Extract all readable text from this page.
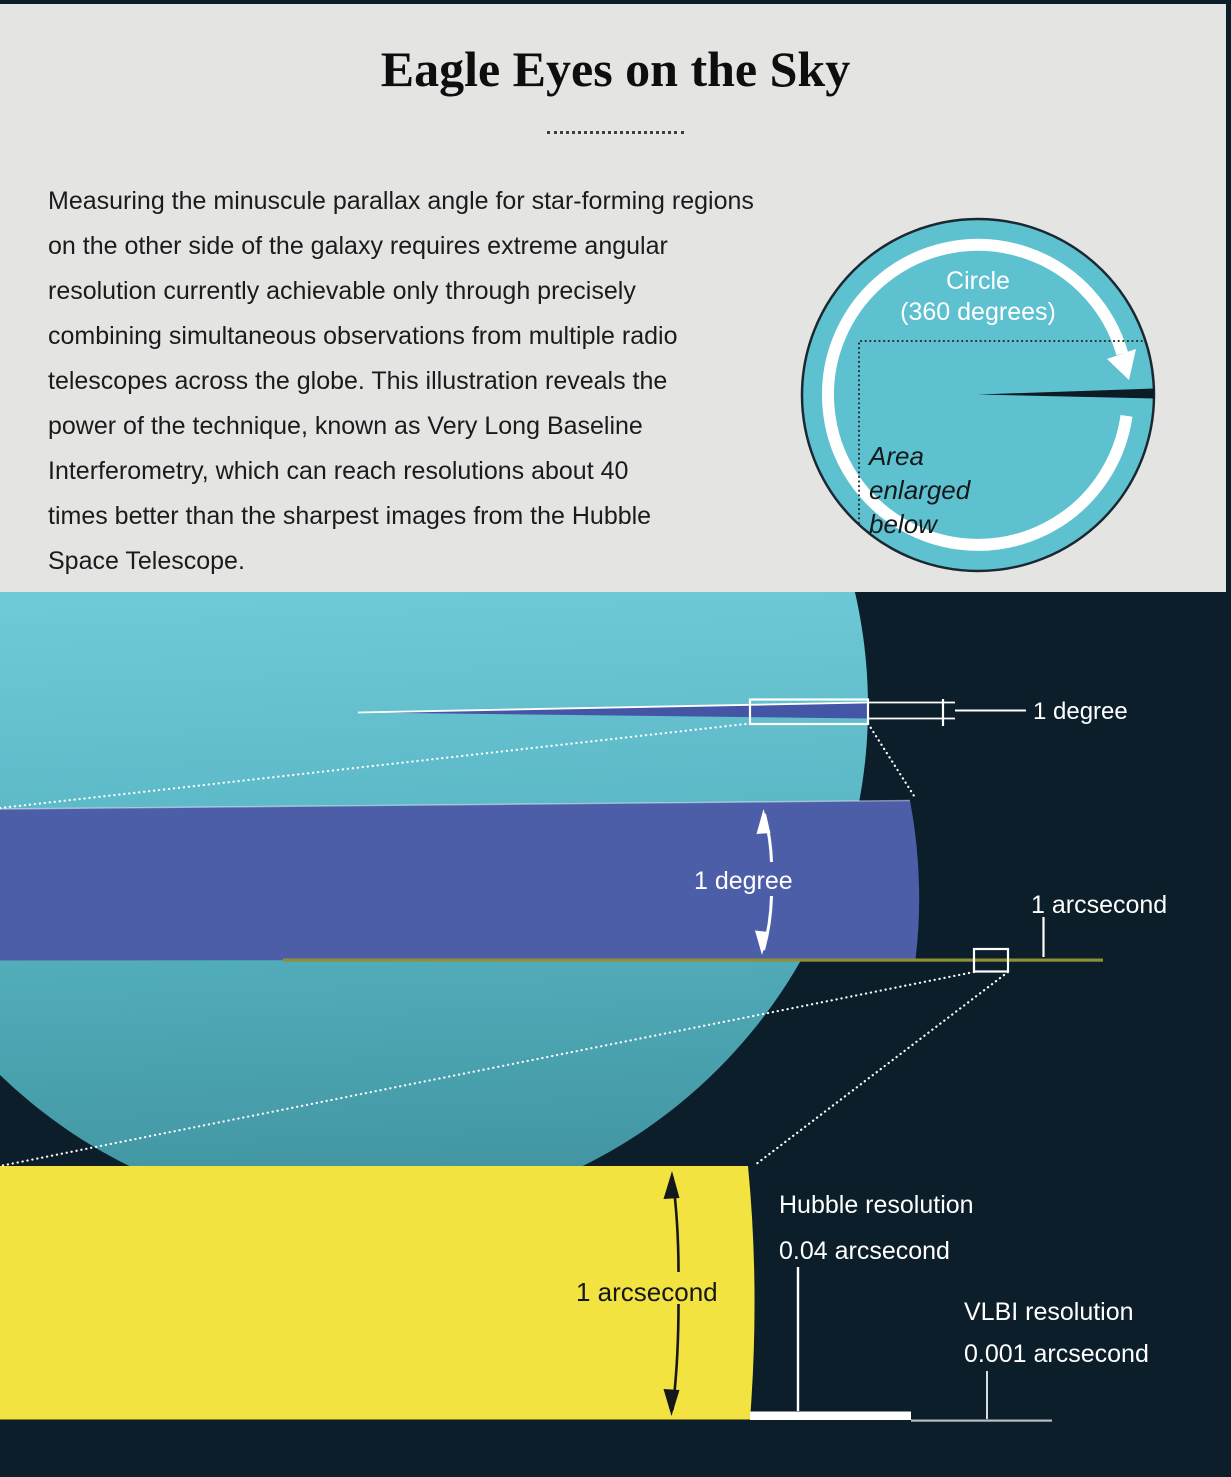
Eagle Eyes on the Sky
Measuring the minuscule parallax angle for star-forming regions
on the other side of the galaxy requires extreme angular
resolution currently achievable only through precisely
combining simultaneous observations from multiple radio
telescopes across the globe. This illustration reveals the
power of the technique, known as Very Long Baseline
Interferometry, which can reach resolutions about 40
times better than the sharpest images from the Hubble
Space Telescope.
Circle
(360 degrees)
Area enlarged below
1 degree
1 degree
1 arcsecond
1 arcsecond
Hubble resolution
0.04 arcsecond
VLBI resolution
0.001 arcsecond
